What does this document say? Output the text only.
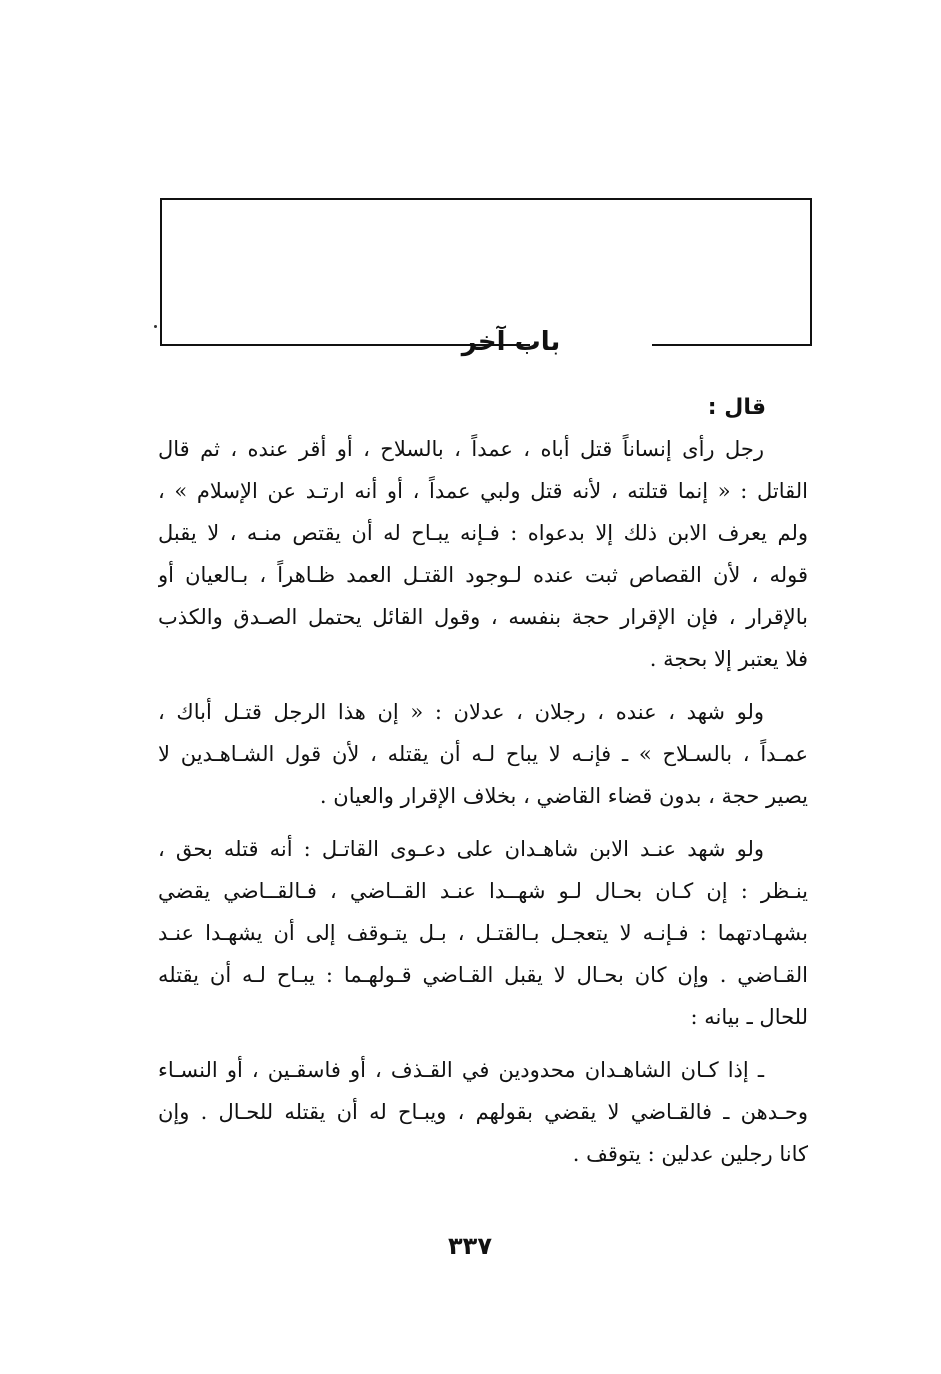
باب آخر
قال :
رجل رأى إنساناً قتل أباه ، عمداً ، بالسلاح ، أو أقر عنده ، ثم قال
القاتل : « إنما قتلته ، لأنه قتل ولبي عمداً ، أو أنه ارتـد عن الإسلام » ،
ولم يعرف الابن ذلك إلا بدعواه : فـإنه يبـاح له أن يقتص منـه ، لا يقبل
قوله ، لأن القصاص ثبت عنده لـوجود القتـل العمد ظـاهراً ، بـالعيان أو
بالإقرار ، فإن الإقرار حجة بنفسه ، وقول القائل يحتمل الصـدق والكذب
فلا يعتبر إلا بحجة .
ولو شهد ، عنده ، رجلان ، عدلان : « إن هذا الرجل قتـل أباك ،
عمـداً ، بالسـلاح » ـ فإنـه لا يباح لـه أن يقتله ، لأن قول الشـاهـدين لا
يصير حجة ، بدون قضاء القاضي ، بخلاف الإقرار والعيان .
ولو شهد عنـد الابن شاهـدان على دعـوى القاتـل : أنه قتله بحق ،
ينـظر : إن كـان بحـال لـو شهــدا عنـد القــاضي ، فـالقــاضي يقضي
بشهـادتهما : فـإنـه لا يتعجـل بـالقتـل ، بـل يتـوقف إلى أن يشهـدا عنـد
القـاضي . وإن كان بحـال لا يقبل القـاضي قـولهـما : يبـاح لـه أن يقتله
للحال ـ بيانه :
ـ إذا كـان الشاهـدان محدودين في القـذف ، أو فاسقـين ، أو النسـاء
وحـدهن ـ فالقـاضي لا يقضي بقولهم ، ويبـاح له أن يقتله للحـال . وإن
كانا رجلين عدلين : يتوقف .
٣٣٧
